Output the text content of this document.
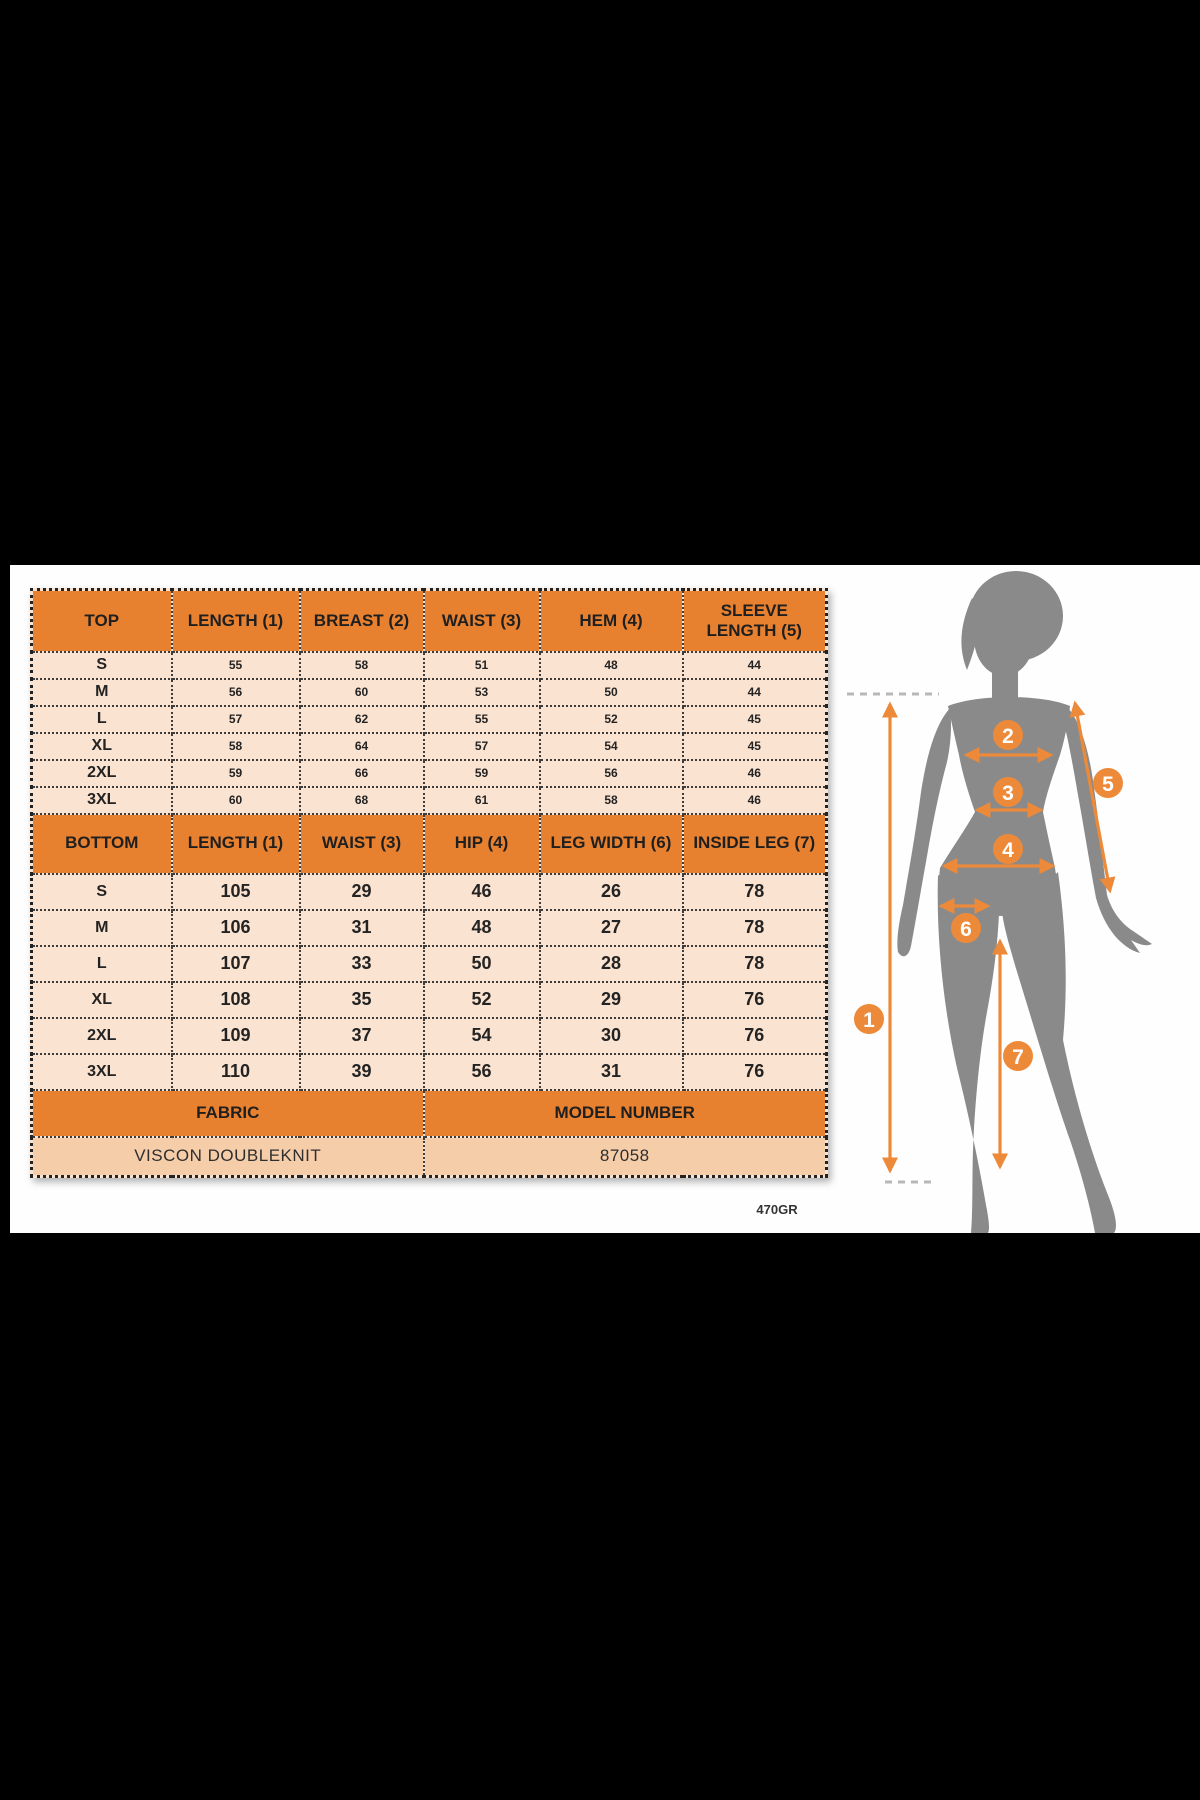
TOP	LENGTH (1)	BREAST (2)	WAIST (3)	HEM (4)	SLEEVE LENGTH (5)
S	55	58	51	48	44
M	56	60	53	50	44
L	57	62	55	52	45
XL	58	64	57	54	45
2XL	59	66	59	56	46
3XL	60	68	61	58	46
BOTTOM	LENGTH (1)	WAIST (3)	HIP (4)	LEG WIDTH (6)	INSIDE LEG (7)
S	105	29	46	26	78
M	106	31	48	27	78
L	107	33	50	28	78
XL	108	35	52	29	76
2XL	109	37	54	30	76
3XL	110	39	56	31	76
FABRIC			MODEL NUMBER		
VISCON DOUBLEKNIT			87058		
470GR
1
2
3
4
5
6
7
